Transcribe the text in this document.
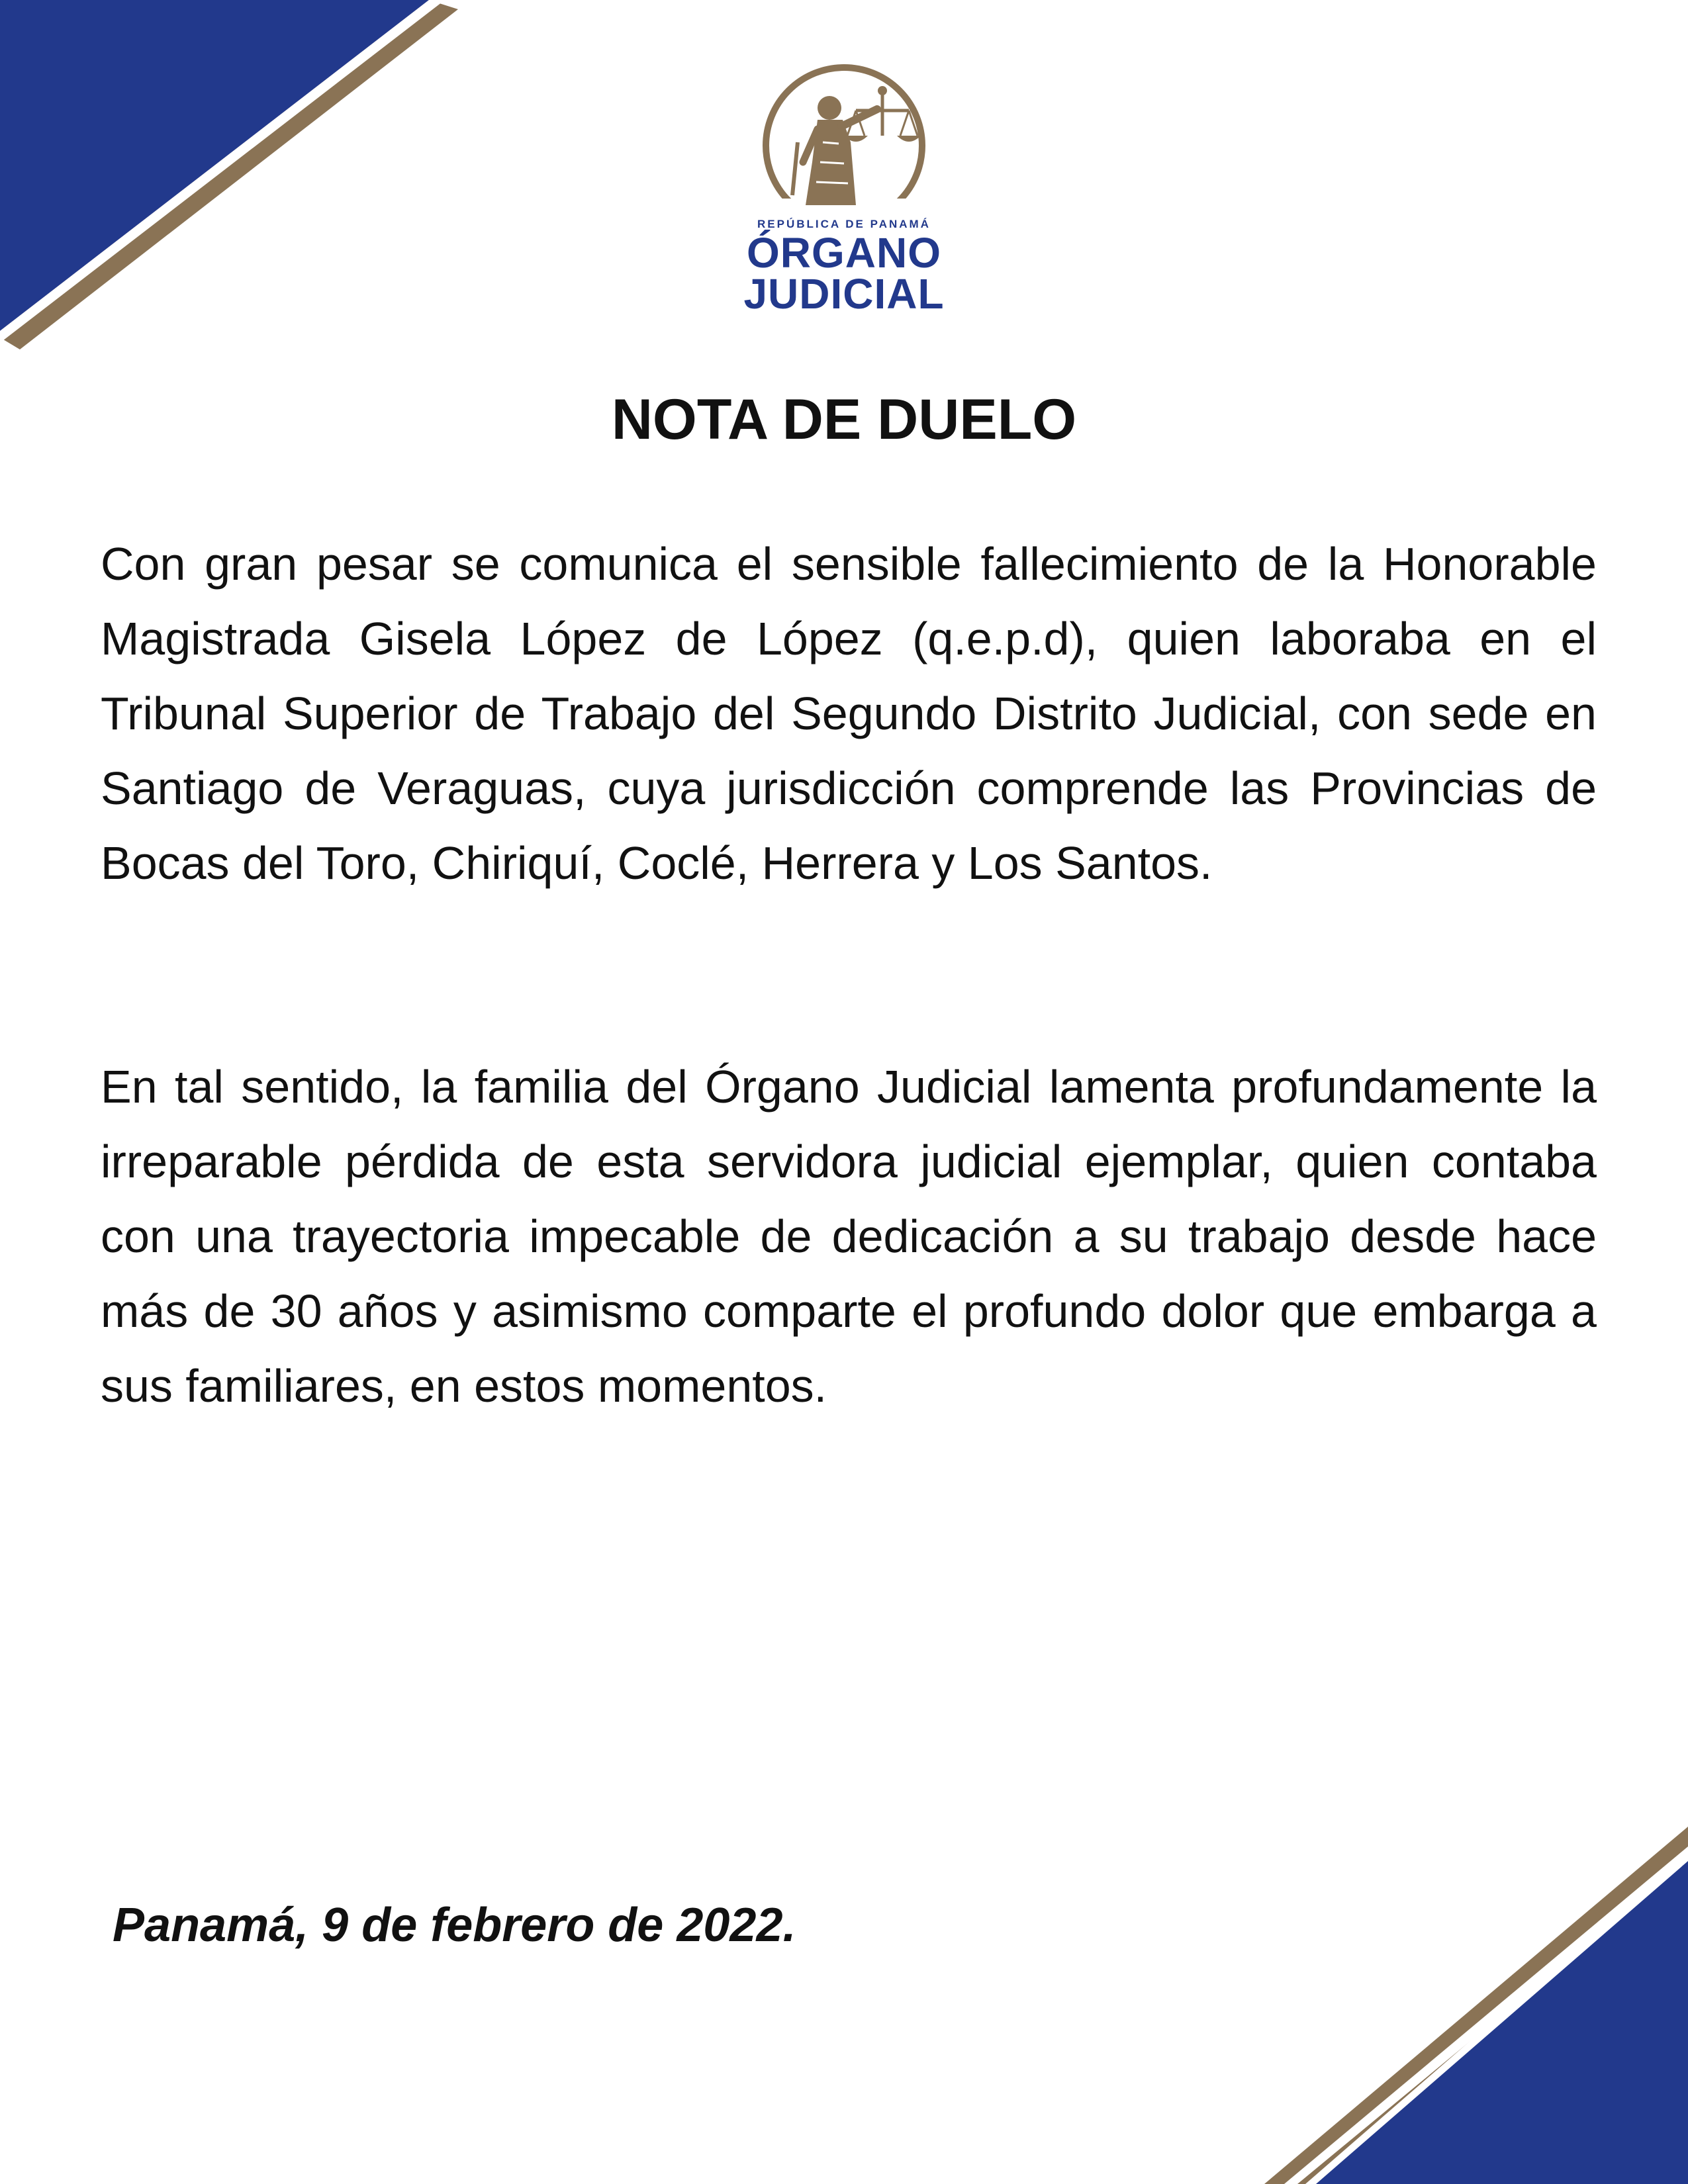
REPÚBLICA DE PANAMÁ
ÓRGANO
JUDICIAL
NOTA DE DUELO

Con gran pesar se comunica el sensible fallecimiento de la Honorable Magistrada Gisela López de López (q.e.p.d), quien laboraba en el Tribunal Superior de Trabajo del Segundo Distrito Judicial, con sede en Santiago de Veraguas, cuya jurisdicción comprende las Provincias de Bocas del Toro, Chiriquí, Coclé, Herrera y Los Santos.

En tal sentido, la familia del Órgano Judicial lamenta profundamente la irreparable pérdida de esta servidora judicial ejemplar, quien contaba con una trayectoria impecable de dedicación a su trabajo desde hace más de 30 años y asimismo comparte el profundo dolor que embarga a sus familiares, en estos momentos.

Panamá, 9 de febrero de 2022.
